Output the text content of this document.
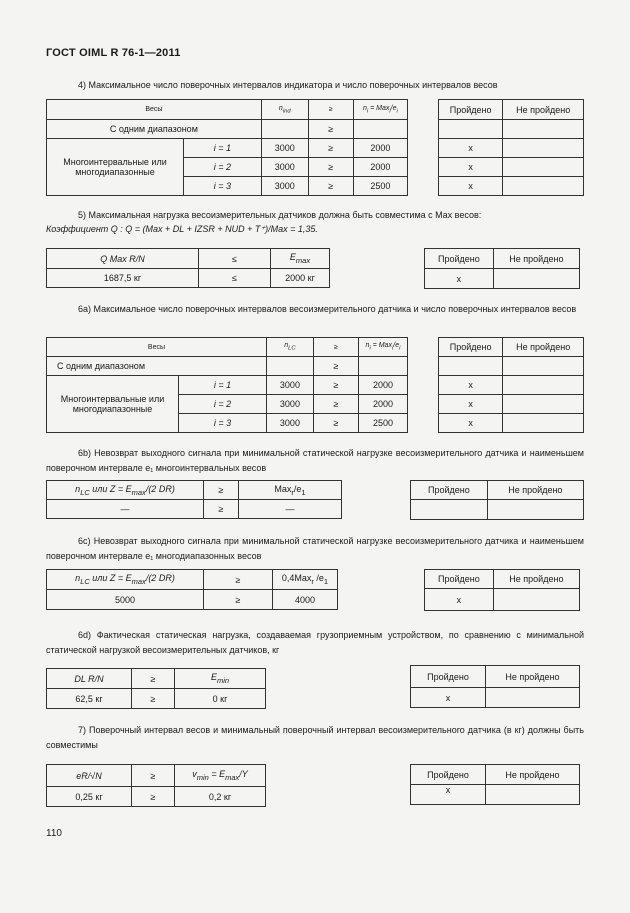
ГОСТ OIML R 76-1—2011
4) Максимальное число поверочных интервалов индикатора и число поверочных интервалов весов
Весы		$n_{ind}$	≥	$n_i = Max_i/e_i$
С одним диапазоном			≥	
Многоинтервальные или многодиапазонные	i = 1	3000	≥	2000
	i = 2	3000	≥	2000
	i = 3	3000	≥	2500
Пройдено	Не пройдено

x	
x	
x	
5) Максимальная нагрузка весоизмерительных датчиков должна быть совместима с Max весов:
Коэффициент Q : Q = (Max + DL + IZSR + NUD + T⁺)/Max = 1,35.
Q Max R/N	≤	$E_{max}$
1687,5 кг	≤	2000 кг
Пройдено	Не пройдено
x	
6a) Максимальное число поверочных интервалов весоизмерительного датчика и число поверочных интервалов весов
Весы		$n_{LC}$	≥	$n_i = Max_i/e_i$
С одним диапазоном			≥	
Многоинтервальные или многодиапазонные	i = 1	3000	≥	2000
	i = 2	3000	≥	2000
	i = 3	3000	≥	2500
Пройдено	Не пройдено

x	
x	
x	
6b) Невозврат выходного сигнала при минимальной статической нагрузке весоизмерительного датчика и наименьшем поверочном интервале e₁ многоинтервальных весов
$n_{LC}$ или $Z = E_{max}/(2$ DR)	≥	$Max_r/e_1$
—	≥	—
Пройдено	Не пройдено

6c) Невозврат выходного сигнала при минимальной статической нагрузке весоизмерительного датчика и наименьшем поверочном интервале e₁ многодиапазонных весов
$n_{LC}$ или $Z = E_{max}/(2$ DR)	≥	0,4Max$_r$ $/e_1$
5000	≥	4000
Пройдено	Не пройдено
x	
6d) Фактическая статическая нагрузка, создаваемая грузоприемным устройством, по сравнению с минимальной статической нагрузкой весоизмерительных датчиков, кг
DL R/N	≥	$E_{min}$
62,5 кг	≥	0 кг
Пройдено	Не пройдено
x	
7) Поверочный интервал весов и минимальный поверочный интервал весоизмерительного датчика (в кг) должны быть совместимы
eR/√N	≥	$v_{min} = E_{max}/Y$
0,25 кг	≥	0,2 кг
Пройдено	Не пройдено
x	
110
